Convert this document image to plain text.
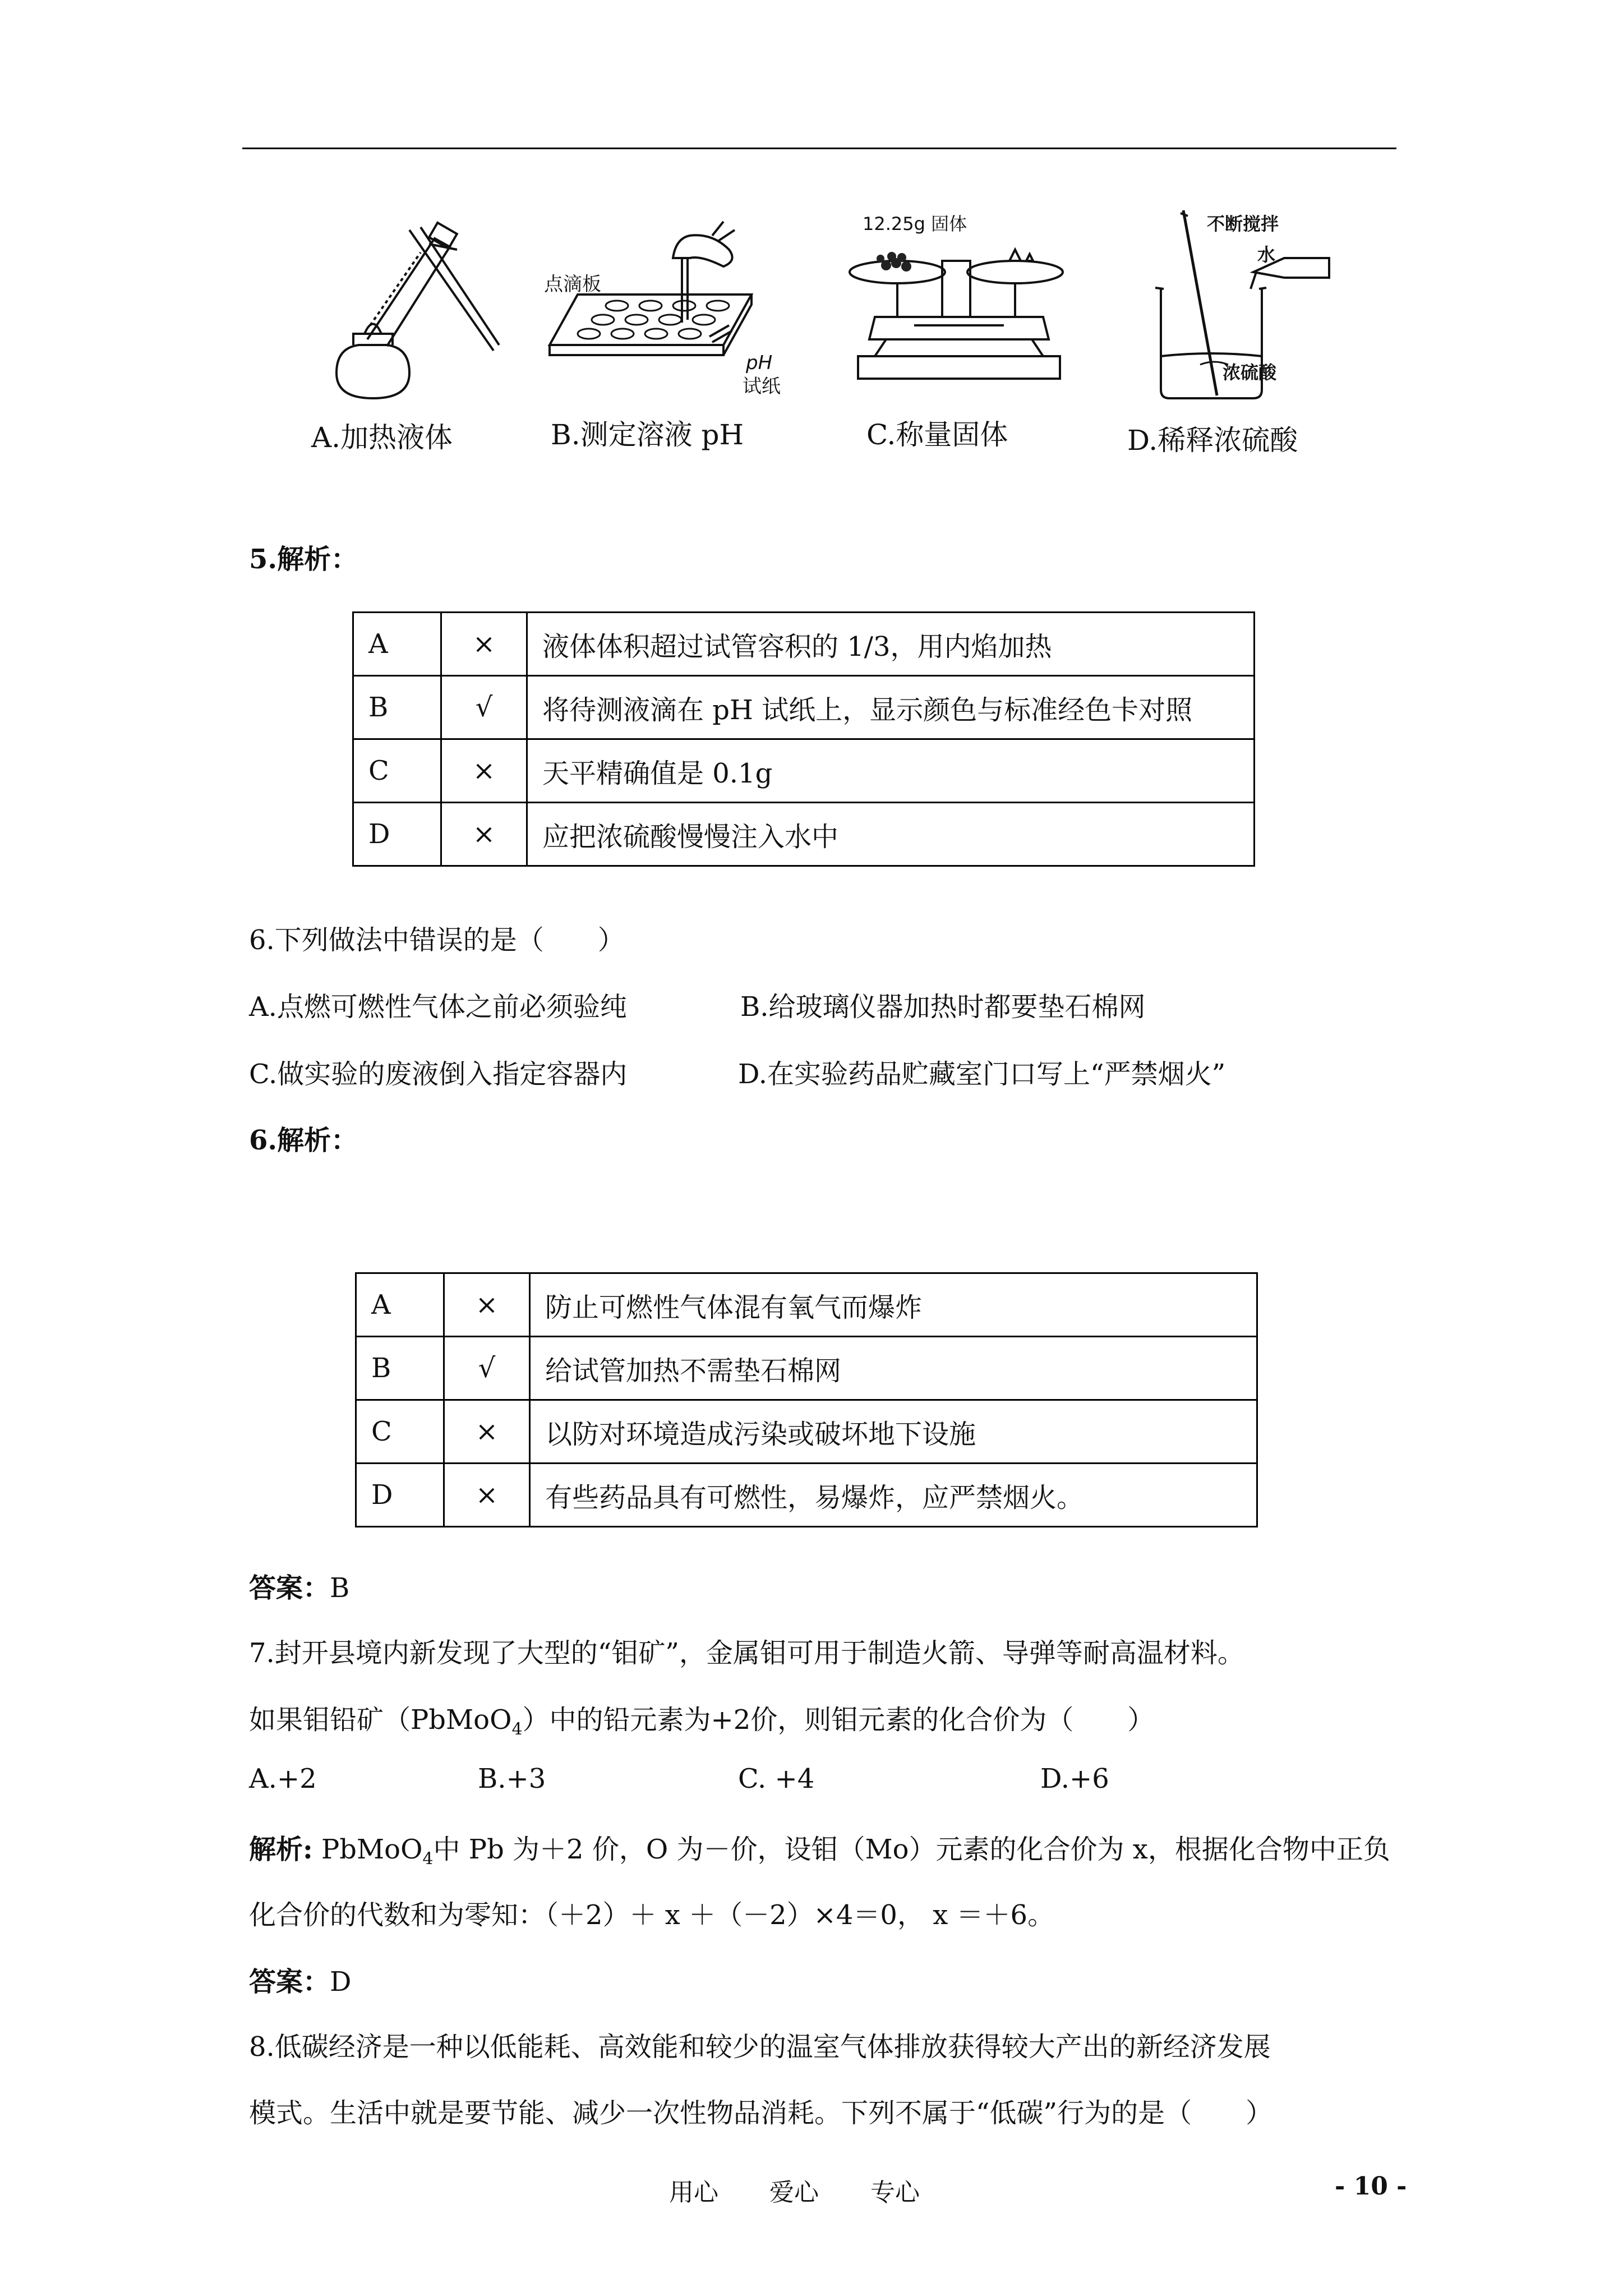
点滴板
pH
试纸
12.25g 固体	不断搅拌
水
浓硫酸
A.加热液体	B.测定溶液 pH	C.称量固体	D.稀释浓硫酸
5.解析：
A	×	液体体积超过试管容积的 1/3，用内焰加热
B	√	将待测液滴在 pH 试纸上，显示颜色与标准经色卡对照
C	×	天平精确值是 0.1g
D	×	应把浓硫酸慢慢注入水中
6.下列做法中错误的是（　　）
A.点燃可燃性气体之前必须验纯	B.给玻璃仪器加热时都要垫石棉网
C.做实验的废液倒入指定容器内	D.在实验药品贮藏室门口写上“严禁烟火”
6.解析：
A	×	防止可燃性气体混有氧气而爆炸
B	√	给试管加热不需垫石棉网
C	×	以防对环境造成污染或破坏地下设施
D	×	有些药品具有可燃性，易爆炸，应严禁烟火。
答案：B
7.封开县境内新发现了大型的“钼矿”，金属钼可用于制造火箭、导弹等耐高温材料。
如果钼铅矿（PbMoO$_4$）中的铅元素为+2价，则钼元素的化合价为（　　）
A.+2	B.+3	C. +4	D.+6
解析: PbMoO$_4$中 Pb 为＋2 价，O 为－价，设钼（Mo）元素的化合价为 x，根据化合物中正负
化合价的代数和为零知：（＋2）＋ x ＋（－2）×4＝0， x ＝＋6。
答案：D
8.低碳经济是一种以低能耗、高效能和较少的温室气体排放获得较大产出的新经济发展
模式。生活中就是要节能、减少一次性物品消耗。下列不属于“低碳”行为的是（　　）
用心 爱心 专心	- 10 -
